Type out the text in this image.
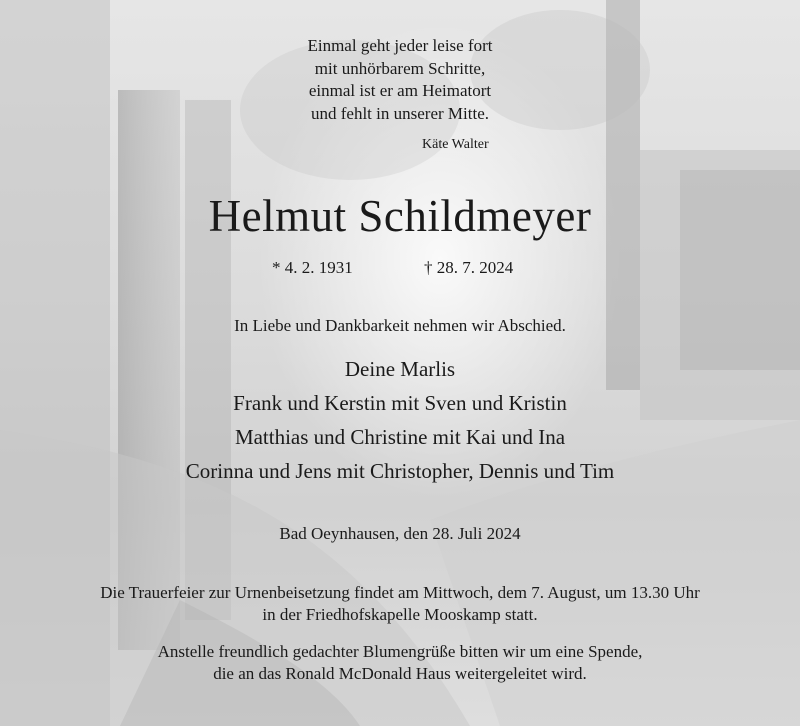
Einmal geht jeder leise fort
mit unhörbarem Schritte,
einmal ist er am Heimatort
und fehlt in unserer Mitte.
Käte Walter
Helmut Schildmeyer
* 4. 2. 1931	† 28. 7. 2024
In Liebe und Dankbarkeit nehmen wir Abschied.
Deine Marlis
Frank und Kerstin mit Sven und Kristin
Matthias und Christine mit Kai und Ina
Corinna und Jens mit Christopher, Dennis und Tim
Bad Oeynhausen, den 28. Juli 2024
Die Trauerfeier zur Urnenbeisetzung findet am Mittwoch, dem 7. August, um 13.30 Uhr
in der Friedhofskapelle Mooskamp statt.
Anstelle freundlich gedachter Blumengrüße bitten wir um eine Spende,
die an das Ronald McDonald Haus weitergeleitet wird.
